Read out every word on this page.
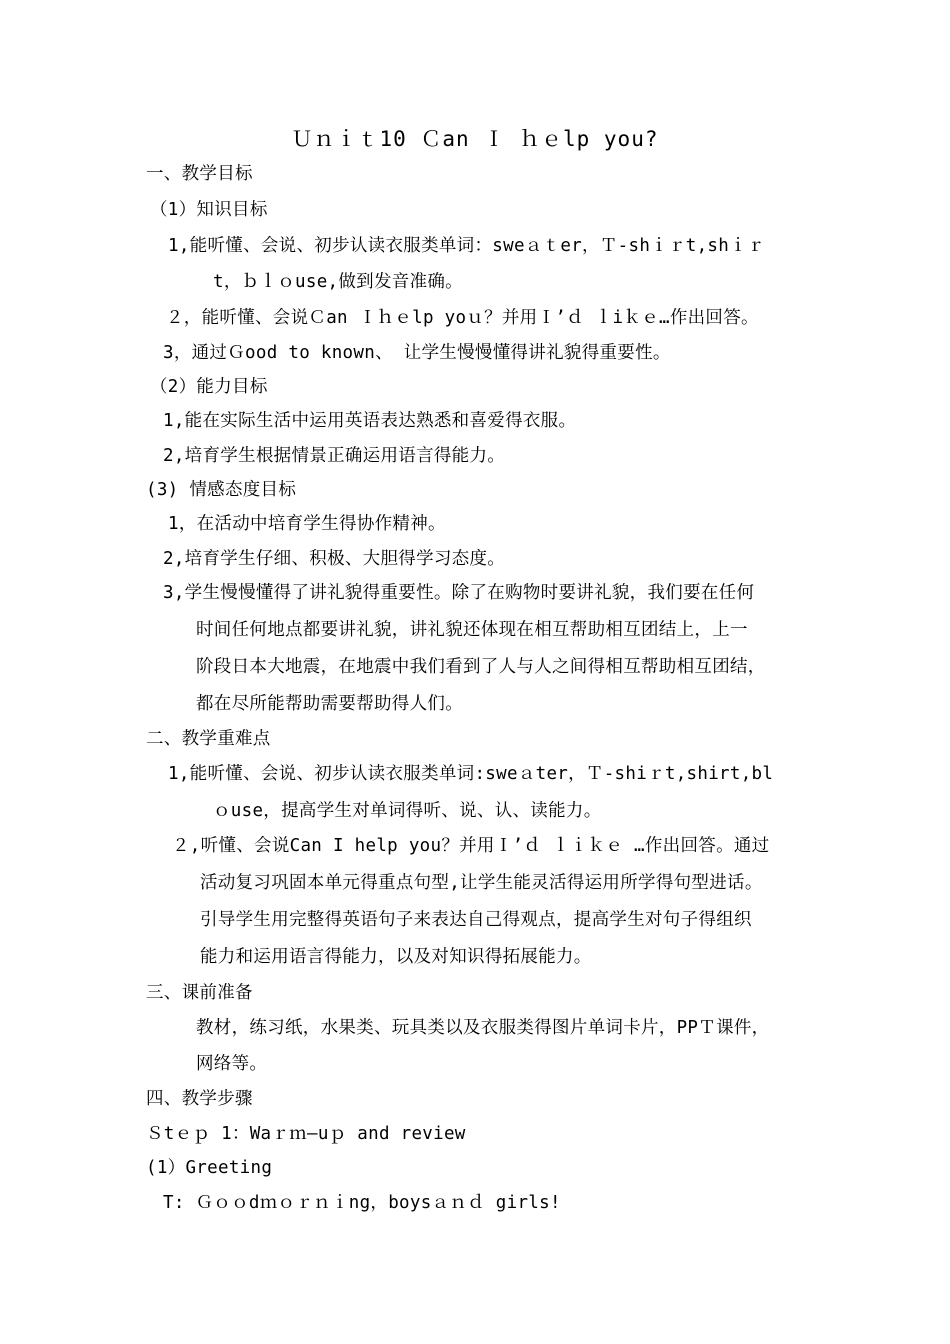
Ｕｎｉｔ10 Ｃan Ｉ ｈｅlp you?
一、教学目标
（1）知识目标
1,能听懂、会说、初步认读衣服类单词：sweａｔer，Ｔ-shｉｒt,shｉｒ
t，ｂｌｏuse,做到发音准确。
２，能听懂、会说Ｃan Ｉｈｅlp yoｕ？并用Ｉ’ｄ ｌiｋｅ…作出回答。
3，通过Ｇood to known、 让学生慢慢懂得讲礼貌得重要性。
（2）能力目标
1,能在实际生活中运用英语表达熟悉和喜爱得衣服。
2,培育学生根据情景正确运用语言得能力。
(3) 情感态度目标
1，在活动中培育学生得协作精神。
2,培育学生仔细、积极、大胆得学习态度。
3,学生慢慢懂得了讲礼貌得重要性。除了在购物时要讲礼貌，我们要在任何
时间任何地点都要讲礼貌，讲礼貌还体现在相互帮助相互团结上，上一
阶段日本大地震，在地震中我们看到了人与人之间得相互帮助相互团结，
都在尽所能帮助需要帮助得人们。
二、教学重难点
1,能听懂、会说、初步认读衣服类单词:sweａter，Ｔ-shiｒt,shirt,bl
ｏuse，提高学生对单词得听、说、认、读能力。
２,听懂、会说Can I help you？并用Ｉ’ｄ ｌｉｋｅ …作出回答。通过
活动复习巩固本单元得重点句型,让学生能灵活得运用所学得句型进话。
引导学生用完整得英语句子来表达自己得观点，提高学生对句子得组织
能力和运用语言得能力，以及对知识得拓展能力。
三、课前准备
教材，练习纸，水果类、玩具类以及衣服类得图片单词卡片，PPＴ课件，
网络等。
四、教学步骤
Ｓtｅｐ 1：Waｒｍ—uｐ and review
(1）Greeting
T: Ｇｏｏdｍｏｒｎｉng，boysａｎｄ girls!
